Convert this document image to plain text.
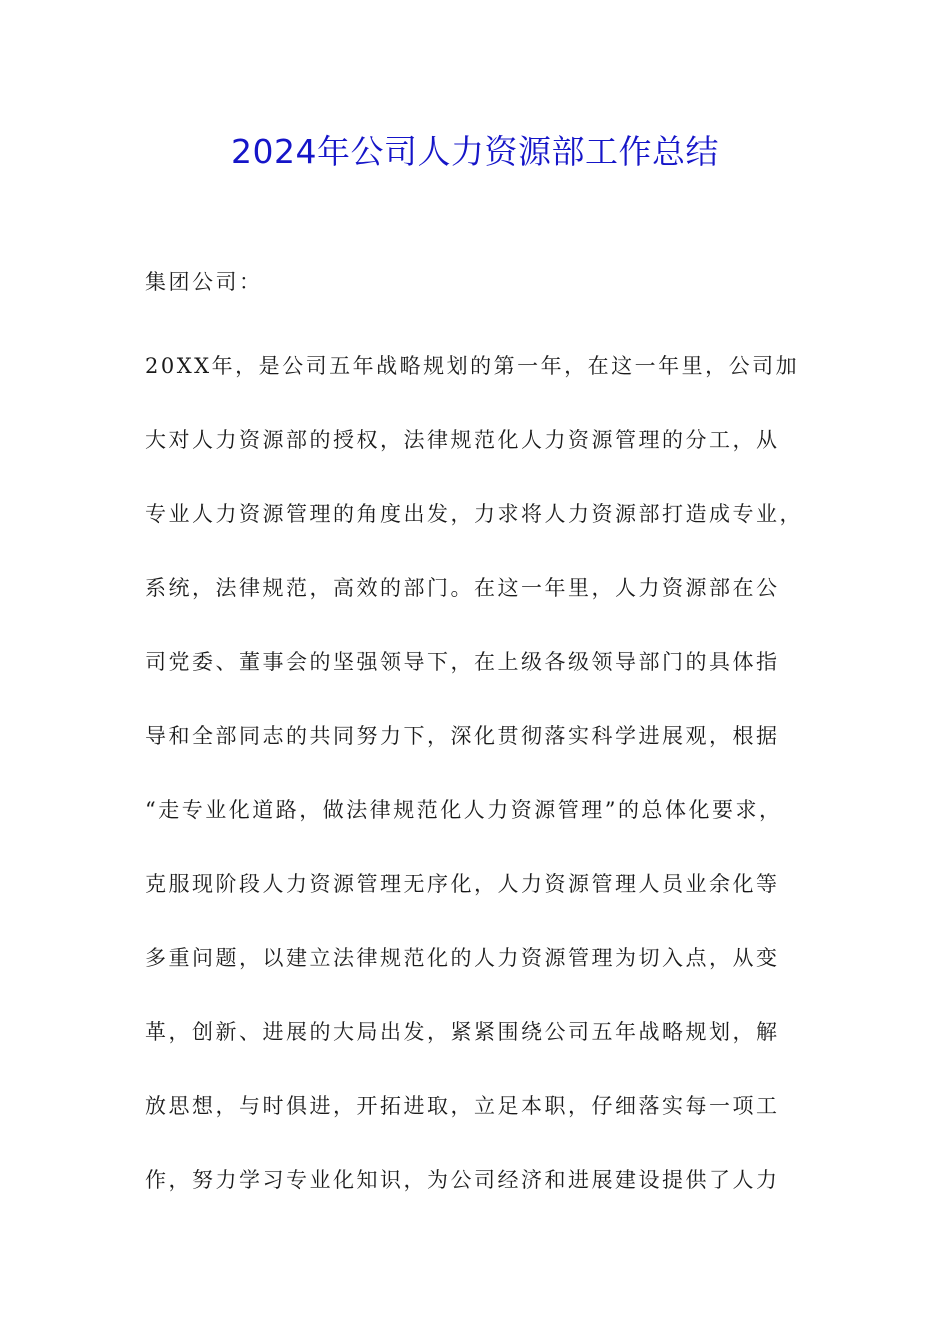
2024年公司人力资源部工作总结
集团公司：
20XX年，是公司五年战略规划的第一年，在这一年里，公司加
大对人力资源部的授权，法律规范化人力资源管理的分工，从
专业人力资源管理的角度出发，力求将人力资源部打造成专业，
系统，法律规范，高效的部门。在这一年里，人力资源部在公
司党委、董事会的坚强领导下，在上级各级领导部门的具体指
导和全部同志的共同努力下，深化贯彻落实科学进展观，根据
“走专业化道路，做法律规范化人力资源管理”的总体化要求，
克服现阶段人力资源管理无序化，人力资源管理人员业余化等
多重问题，以建立法律规范化的人力资源管理为切入点，从变
革，创新、进展的大局出发，紧紧围绕公司五年战略规划，解
放思想，与时俱进，开拓进取，立足本职，仔细落实每一项工
作，努力学习专业化知识，为公司经济和进展建设提供了人力
